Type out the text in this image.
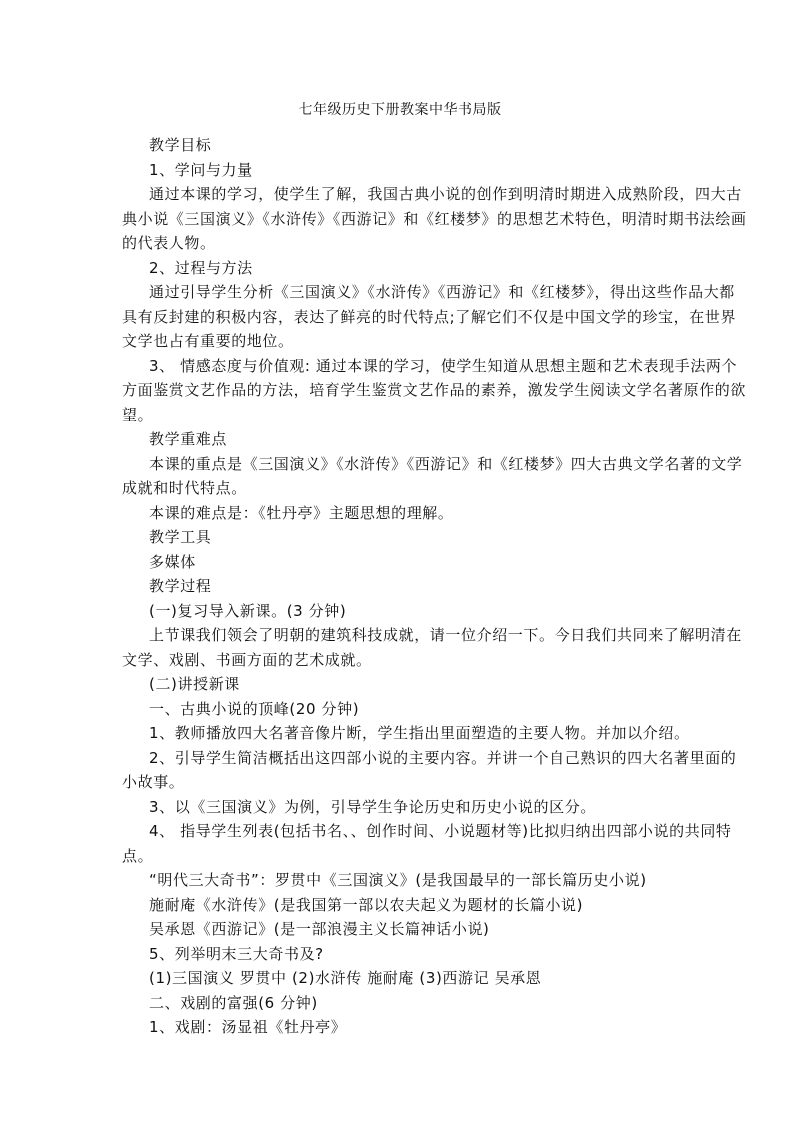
七年级历史下册教案中华书局版
教学目标
1、学问与力量
通过本课的学习，使学生了解，我国古典小说的创作到明清时期进入成熟阶段，四大古
典小说《三国演义》《水浒传》《西游记》和《红楼梦》的思想艺术特色，明清时期书法绘画
的代表人物。
2、过程与方法
通过引导学生分析《三国演义》《水浒传》《西游记》和《红楼梦》，得出这些作品大都
具有反封建的积极内容，表达了鲜亮的时代特点;了解它们不仅是中国文学的珍宝，在世界
文学也占有重要的地位。
3、 情感态度与价值观: 通过本课的学习，使学生知道从思想主题和艺术表现手法两个
方面鉴赏文艺作品的方法，培育学生鉴赏文艺作品的素养，激发学生阅读文学名著原作的欲
望。
教学重难点
本课的重点是《三国演义》《水浒传》《西游记》和《红楼梦》四大古典文学名著的文学
成就和时代特点。
本课的难点是：《牡丹亭》主题思想的理解。
教学工具
多媒体
教学过程
(一)复习导入新课。(3 分钟)
上节课我们领会了明朝的建筑科技成就，请一位介绍一下。今日我们共同来了解明清在
文学、戏剧、书画方面的艺术成就。
(二)讲授新课
一、古典小说的顶峰(20 分钟)
1、教师播放四大名著音像片断，学生指出里面塑造的主要人物。并加以介绍。
2、引导学生简洁概括出这四部小说的主要内容。并讲一个自己熟识的四大名著里面的
小故事。
3、以《三国演义》为例，引导学生争论历史和历史小说的区分。
4、 指导学生列表(包括书名、、创作时间、小说题材等)比拟归纳出四部小说的共同特
点。
“明代三大奇书”：罗贯中《三国演义》(是我国最早的一部长篇历史小说)
施耐庵《水浒传》(是我国第一部以农夫起义为题材的长篇小说)
吴承恩《西游记》(是一部浪漫主义长篇神话小说)
5、列举明末三大奇书及?
(1)三国演义 罗贯中 (2)水浒传 施耐庵 (3)西游记 吴承恩
二、戏剧的富强(6 分钟)
1、戏剧：汤显祖《牡丹亭》
